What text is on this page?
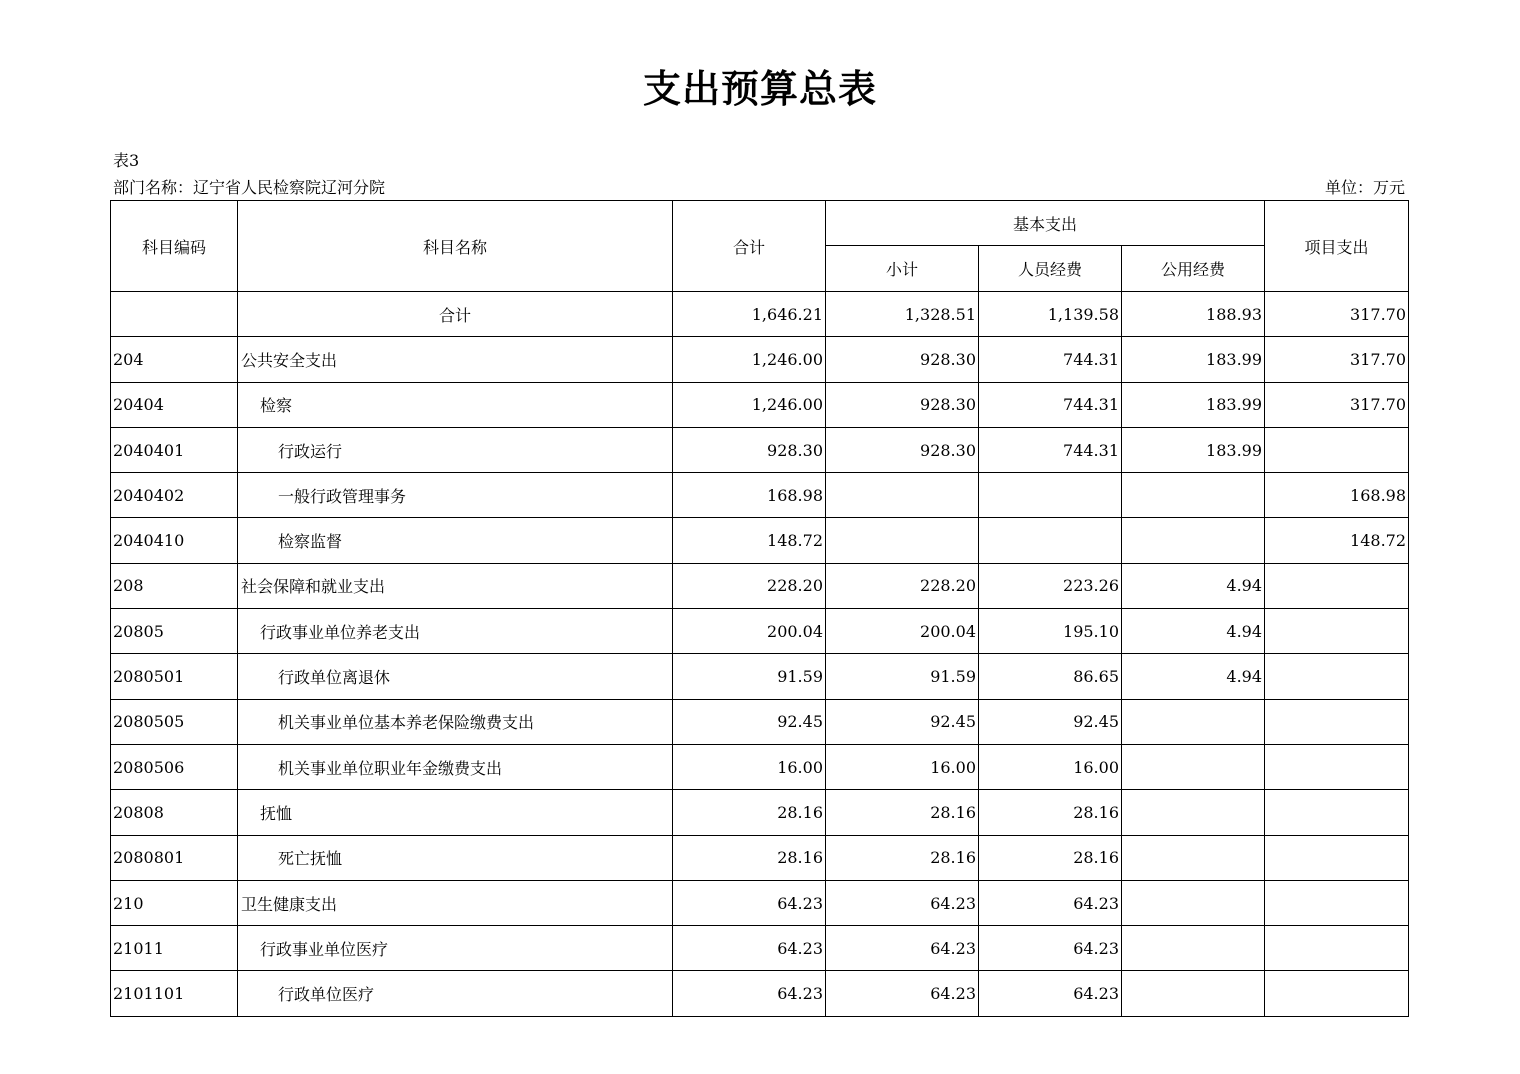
支出预算总表
表3
部门名称：辽宁省人民检察院辽河分院	单位：万元
科目编码	科目名称	合计	基本支出			项目支出
			小计	人员经费	公用经费	
	合计	1,646.21	1,328.51	1,139.58	188.93	317.70
204	公共安全支出	1,246.00	928.30	744.31	183.99	317.70
20404	检察	1,246.00	928.30	744.31	183.99	317.70
2040401	行政运行	928.30	928.30	744.31	183.99	
2040402	一般行政管理事务	168.98				168.98
2040410	检察监督	148.72				148.72
208	社会保障和就业支出	228.20	228.20	223.26	4.94	
20805	行政事业单位养老支出	200.04	200.04	195.10	4.94	
2080501	行政单位离退休	91.59	91.59	86.65	4.94	
2080505	机关事业单位基本养老保险缴费支出	92.45	92.45	92.45		
2080506	机关事业单位职业年金缴费支出	16.00	16.00	16.00		
20808	抚恤	28.16	28.16	28.16		
2080801	死亡抚恤	28.16	28.16	28.16		
210	卫生健康支出	64.23	64.23	64.23		
21011	行政事业单位医疗	64.23	64.23	64.23		
2101101	行政单位医疗	64.23	64.23	64.23		
